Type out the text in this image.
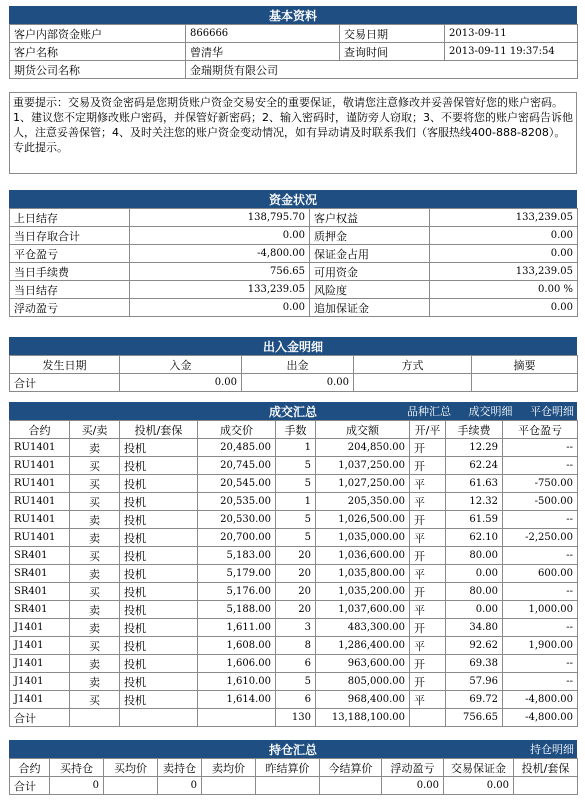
基本资料
客户内部资金账户	866666	交易日期	2013-09-11
客户名称	曾清华	查询时间	2013-09-11 19:37:54
期货公司名称	金瑞期货有限公司		
重要提示：交易及资金密码是您期货账户资金交易安全的重要保证，敬请您注意修改并妥善保管好您的账户密码。1、建议您不定期修改账户密码，并保管好新密码；2、输入密码时，谨防旁人窃取；3、不要将您的账户密码告诉他人，注意妥善保管；4、及时关注您的账户资金变动情况，如有异动请及时联系我们（客服热线400-888-8208）。专此提示。
资金状况
上日结存	138,795.70	客户权益	133,239.05
当日存取合计	0.00	质押金	0.00
平仓盈亏	-4,800.00	保证金占用	0.00
当日手续费	756.65	可用资金	133,239.05
当日结存	133,239.05	风险度	0.00 %
浮动盈亏	0.00	追加保证金	0.00
出入金明细
发生日期	入金	出金	方式	摘要
合计	0.00	0.00		
成交汇总	品种汇总 成交明细 平仓明细
合约	买/卖	投机/套保	成交价	手数	成交额	开/平	手续费	平仓盈亏
RU1401	卖	投机	20,485.00	1	204,850.00	开	12.29	--
RU1401	买	投机	20,745.00	5	1,037,250.00	开	62.24	--
RU1401	买	投机	20,545.00	5	1,027,250.00	平	61.63	-750.00
RU1401	买	投机	20,535.00	1	205,350.00	平	12.32	-500.00
RU1401	卖	投机	20,530.00	5	1,026,500.00	开	61.59	--
RU1401	卖	投机	20,700.00	5	1,035,000.00	平	62.10	-2,250.00
SR401	买	投机	5,183.00	20	1,036,600.00	开	80.00	--
SR401	卖	投机	5,179.00	20	1,035,800.00	平	0.00	600.00
SR401	买	投机	5,176.00	20	1,035,200.00	开	80.00	--
SR401	卖	投机	5,188.00	20	1,037,600.00	平	0.00	1,000.00
J1401	卖	投机	1,611.00	3	483,300.00	开	34.80	--
J1401	买	投机	1,608.00	8	1,286,400.00	平	92.62	1,900.00
J1401	卖	投机	1,606.00	6	963,600.00	开	69.38	--
J1401	卖	投机	1,610.00	5	805,000.00	开	57.96	--
J1401	买	投机	1,614.00	6	968,400.00	平	69.72	-4,800.00
合计				130	13,188,100.00		756.65	-4,800.00
持仓汇总	持仓明细
合约	买持仓	买均价	卖持仓	卖均价	昨结算价	今结算价	浮动盈亏	交易保证金	投机/套保
合计	0		0				0.00	0.00	
